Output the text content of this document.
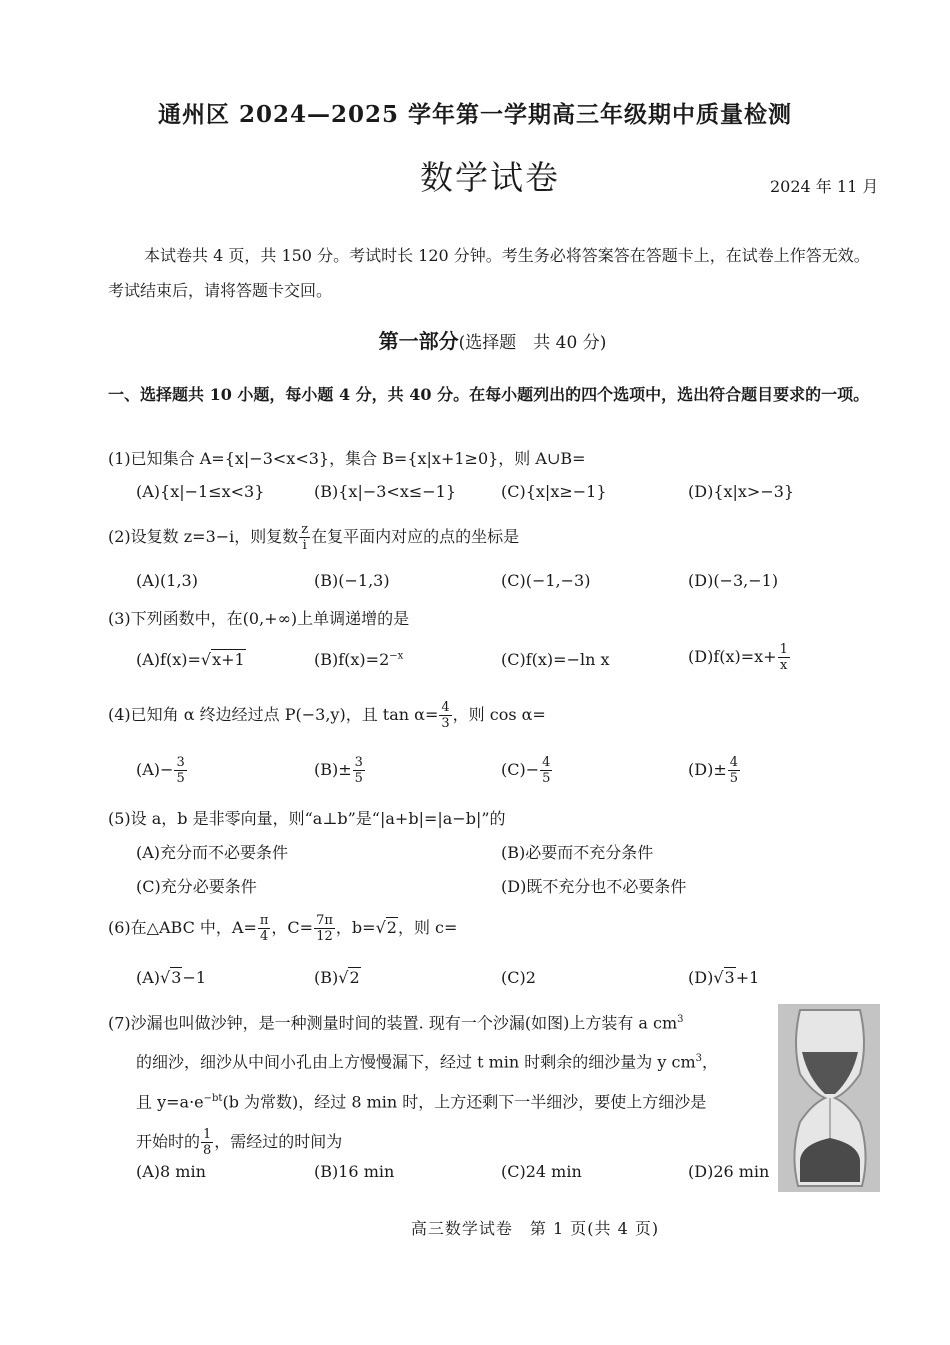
通州区 2024—2025 学年第一学期高三年级期中质量检测
数学试卷	2024 年 11 月
本试卷共 4 页，共 150 分。考试时长 120 分钟。考生务必将答案答在答题卡上，在试卷上作答无效。考试结束后，请将答题卡交回。
第一部分(选择题　共 40 分)
一、选择题共 10 小题，每小题 4 分，共 40 分。在每小题列出的四个选项中，选出符合题目要求的一项。
(1)已知集合 A={x|−3<x<3}，集合 B={x|x+1≥0}，则 A∪B=
(A){x|−1≤x<3}	(B){x|−3<x≤−1}	(C){x|x≥−1}	(D){x|x>−3}
(2)设复数 z=3−i，则复数 $\frac{z}{i}$ 在复平面内对应的点的坐标是
(A)(1,3)	(B)(−1,3)	(C)(−1,−3)	(D)(−3,−1)
(3)下列函数中，在(0,+∞)上单调递增的是
(A)f(x)=√x+1	$(B)f(x)=2^{-x}$	(C)f(x)=−ln x	$(D)f(x)=x+ \frac{1}{x}$
(4)已知角 α 终边经过点 P(−3,y)，且 $\tan \alpha= \frac{4}{3}$ ，则 cos α=
$(A)- \frac{3}{5}$	$(B)\pm \frac{3}{5}$	$(C)- \frac{4}{5}$	$(D)\pm \frac{4}{5}$
(5)设 a，b 是非零向量，则“a⊥b”是“|a+b|=|a−b|”的
(A)充分而不必要条件	(B)必要而不充分条件
(C)充分必要条件	(D)既不充分也不必要条件
(6)在△ABC 中，$A= \frac{\pi}{4}$ ，$C= \frac{7\pi}{12}$ ，b=√2，则 c=
(A)√3−1	(B)√2	(C)2	(D)√3+1
(7)沙漏也叫做沙钟，是一种测量时间的装置. 现有一个沙漏(如图)上方装有 a $cm^3$
的细沙，细沙从中间小孔由上方慢慢漏下，经过 t min 时剩余的细沙量为 y $cm^3$，
且 $y=a\cdot e^{-bt}(b$ 为常数)，经过 8 min 时，上方还剩下一半细沙，要使上方细沙是
开始时的 $\frac{1}{8}$ ，需经过的时间为
(A)8 min	(B)16 min	(C)24 min	(D)26 min
高三数学试卷　第 1 页(共 4 页)
